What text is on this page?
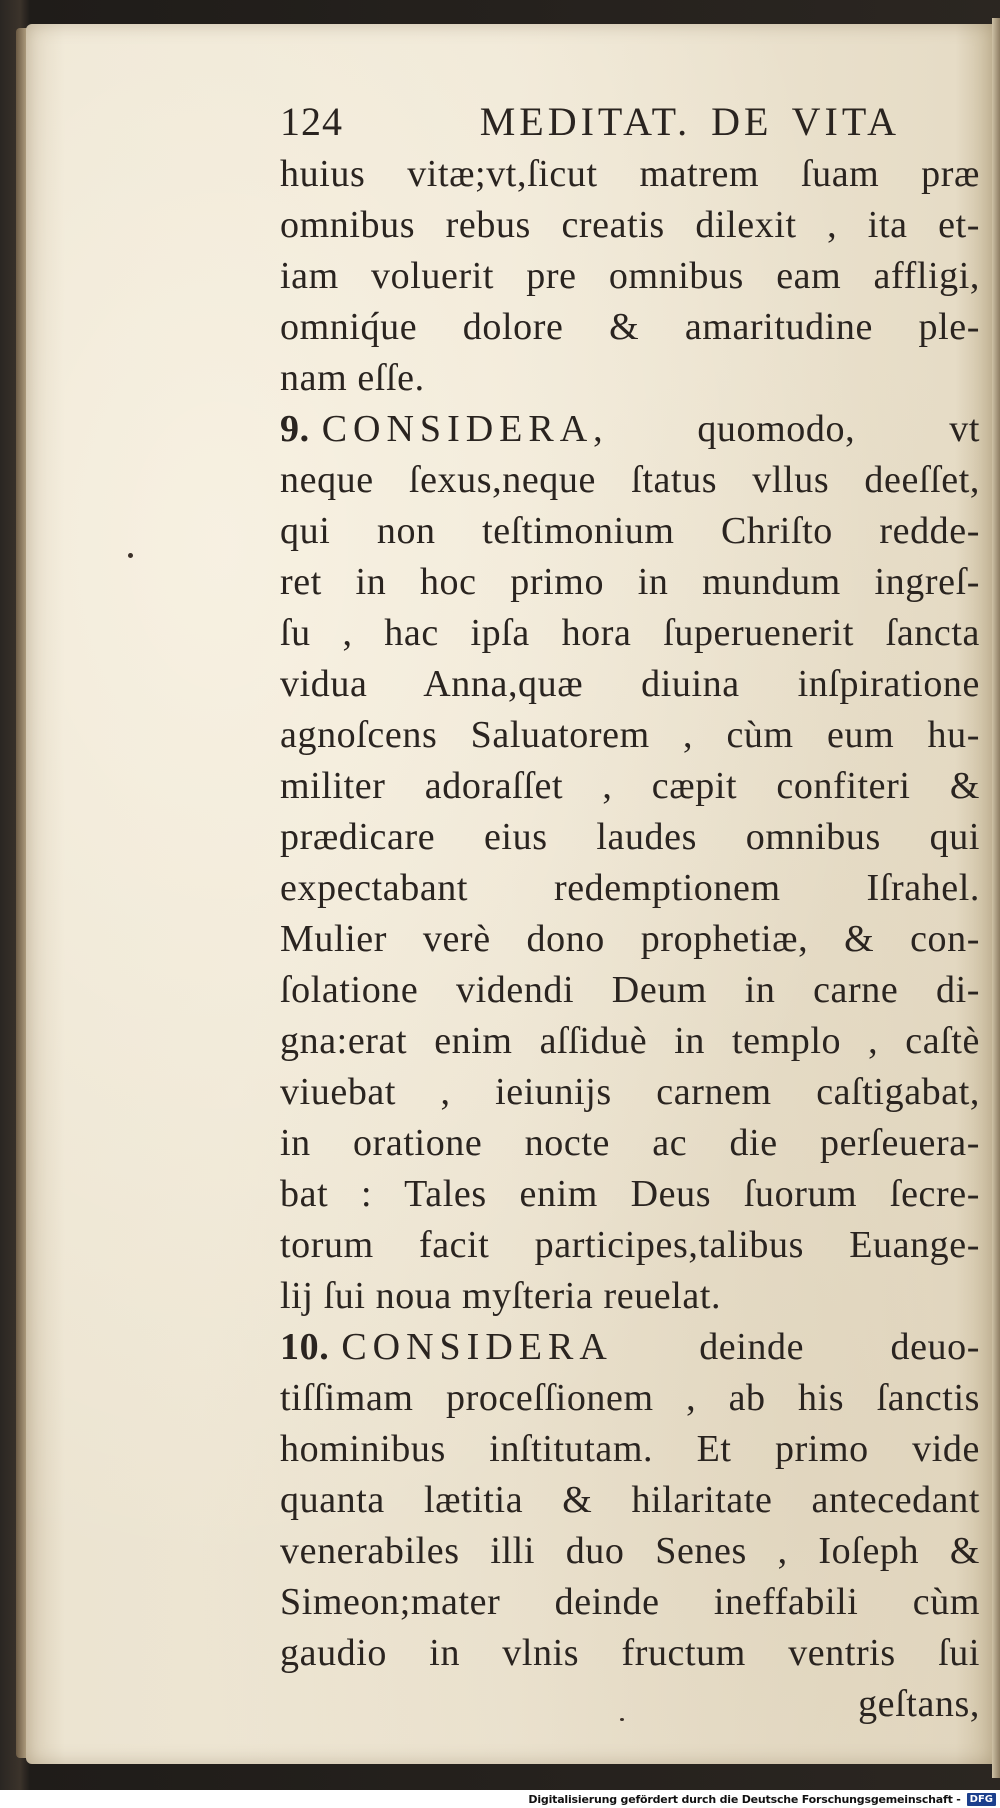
124	MEDITAT. DE VITA
huius vitæ;vt,ſicut matrem ſuam præ
omnibus rebus creatis dilexit , ita et-
iam voluerit pre omnibus eam affligi,
omniq́ue dolore & amaritudine ple-
nam eſſe.
9. CONSIDERA, quomodo, vt
neque ſexus,neque ſtatus vllus deeſſet,
qui non teſtimonium Chriſto redde-
ret in hoc primo in mundum ingreſ-
ſu , hac ipſa hora ſuperuenerit ſancta
vidua Anna,quæ diuina inſpiratione
agnoſcens Saluatorem , cùm eum hu-
militer adoraſſet , cæpit confiteri &
prædicare eius laudes omnibus qui
expectabant redemptionem Iſrahel.
Mulier verè dono prophetiæ, & con-
ſolatione videndi Deum in carne di-
gna:erat enim aſſiduè in templo , caſtè
viuebat , ieiunijs carnem caſtigabat,
in oratione nocte ac die perſeuera-
bat : Tales enim Deus ſuorum ſecre-
torum facit participes,talibus Euange-
lij ſui noua myſteria reuelat.
10. CONSIDERA deinde deuo-
tiſſimam proceſſionem , ab his ſanctis
hominibus inſtitutam. Et primo vide
quanta lætitia & hilaritate antecedant
venerabiles illi duo Senes , Ioſeph &
Simeon;mater deinde ineffabili cùm
gaudio in vlnis fructum ventris ſui
geſtans,
Digitalisierung gefördert durch die Deutsche Forschungsgemeinschaft - DFG
